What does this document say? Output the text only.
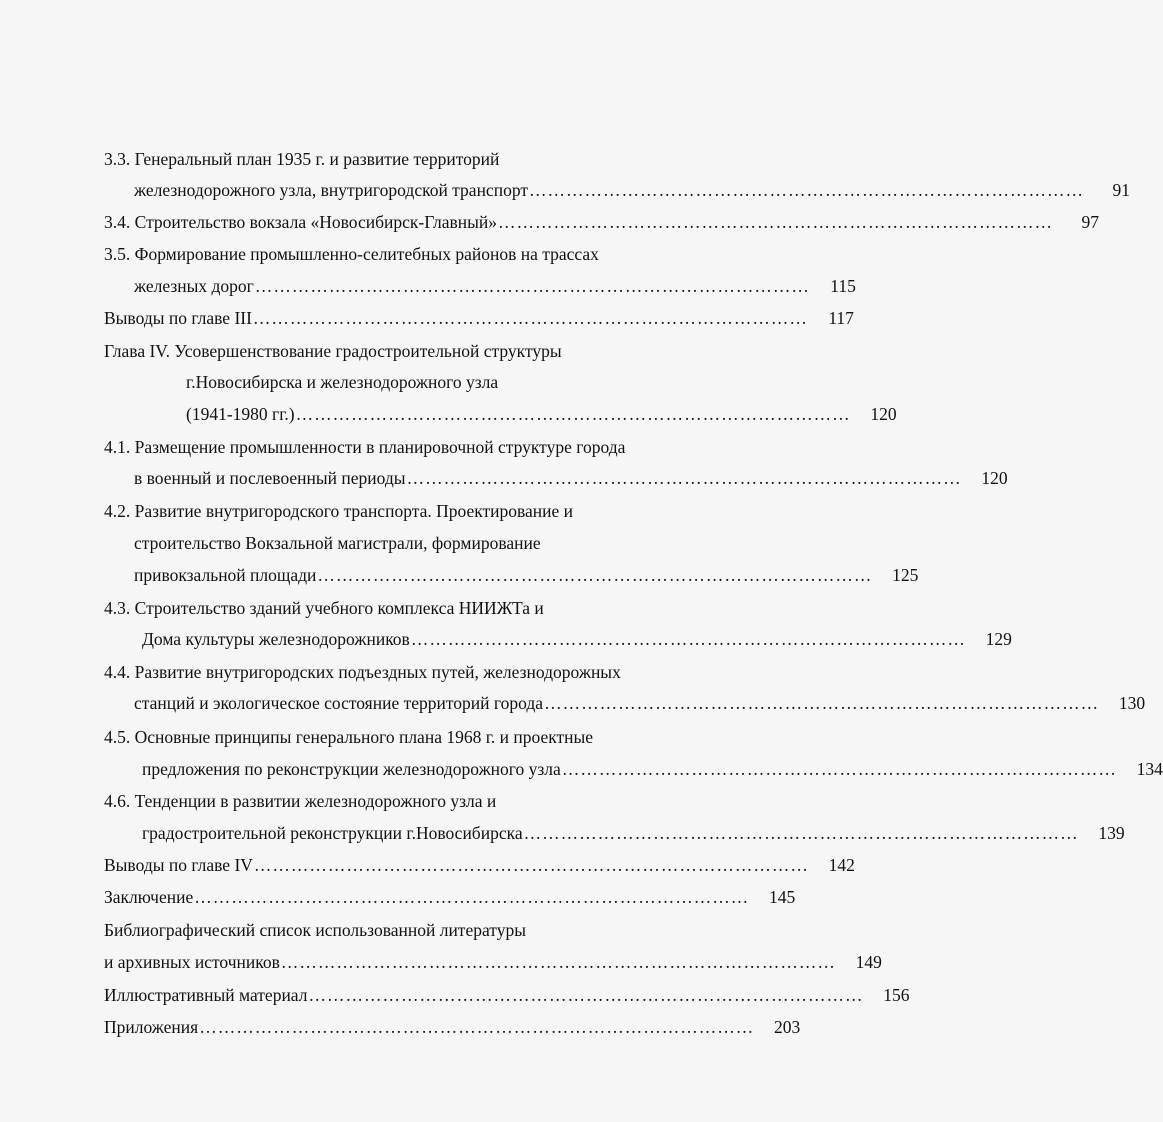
3.3. Генеральный план 1935 г. и развитие территорий
железнодорожного узла, внутригородской транспорт ………………………………………………………………………………	91
3.4. Строительство вокзала «Новосибирск-Главный» ………………………………………………………………………………	97
3.5. Формирование промышленно-селитебных районов на трассах
железных дорог ………………………………………………………………………………	115
Выводы по главе III ………………………………………………………………………………	117
Глава IV. Усовершенствование градостроительной структуры
г.Новосибирска и железнодорожного узла
(1941-1980 гг.) ………………………………………………………………………………	120
4.1. Размещение промышленности в планировочной структуре города
в военный и послевоенный периоды ………………………………………………………………………………	120
4.2. Развитие внутригородского транспорта. Проектирование и
строительство Вокзальной магистрали, формирование
привокзальной площади ………………………………………………………………………………	125
4.3. Строительство зданий учебного комплекса НИИЖТа и
Дома культуры железнодорожников ………………………………………………………………………………	129
4.4. Развитие внутригородских подъездных путей, железнодорожных
станций и экологическое состояние территорий города ………………………………………………………………………………	130
4.5. Основные принципы генерального плана 1968 г. и проектные
предложения по реконструкции железнодорожного узла ………………………………………………………………………………	134
4.6. Тенденции в развитии железнодорожного узла и
градостроительной реконструкции г.Новосибирска ………………………………………………………………………………	139
Выводы по главе IV ………………………………………………………………………………	142
Заключение ………………………………………………………………………………	145
Библиографический список использованной литературы
и архивных источников ………………………………………………………………………………	149
Иллюстративный материал ………………………………………………………………………………	156
Приложения ………………………………………………………………………………	203
